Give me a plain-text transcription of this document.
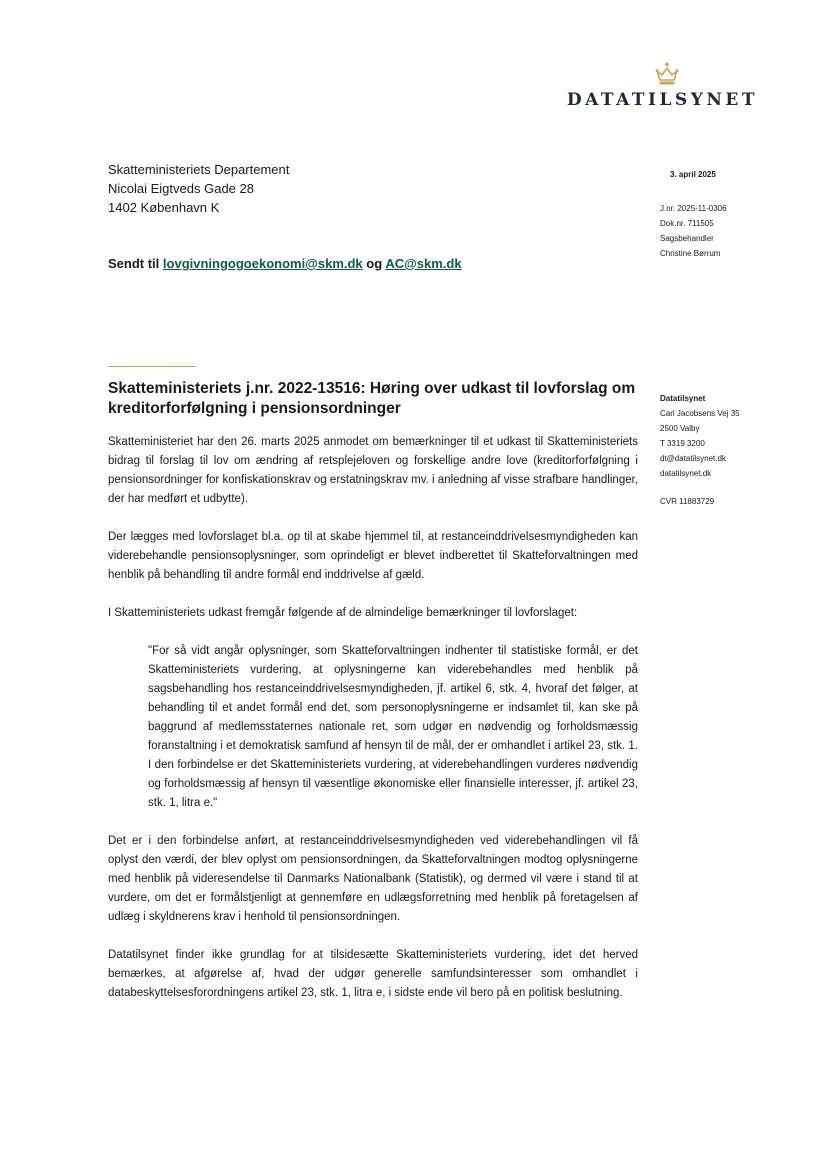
DATATILSYNET
Skatteministeriets Departement
Nicolai Eigtveds Gade 28
1402 København K
3. april 2025
J.nr. 2025-11-0306
Dok.nr. 711505
Sagsbehandler
Christine Børrum
Sendt til lovgivningogoekonomi@skm.dk og AC@skm.dk
Skatteministeriets j.nr. 2022-13516: Høring over udkast til lovforslag om kreditorforfølgning i pensionsordninger
Datatilsynet
Carl Jacobsens Vej 35
2500 Valby
T 3319 3200
dt@datatilsynet.dk
datatilsynet.dk
CVR 11883729

Skatteministeriet har den 26. marts 2025 anmodet om bemærkninger til et udkast til Skatteministeriets bidrag til forslag til lov om ændring af retsplejeloven og forskellige andre love (kreditorforfølgning i pensionsordninger for konfiskationskrav og erstatningskrav mv. i anledning af visse strafbare handlinger, der har medført et udbytte).

Der lægges med lovforslaget bl.a. op til at skabe hjemmel til, at restanceinddrivelsesmyndigheden kan viderebehandle pensionsoplysninger, som oprindeligt er blevet indberettet til Skatteforvaltningen med henblik på behandling til andre formål end inddrivelse af gæld.

I Skatteministeriets udkast fremgår følgende af de almindelige bemærkninger til lovforslaget:

"For så vidt angår oplysninger, som Skatteforvaltningen indhenter til statistiske formål, er det Skatteministeriets vurdering, at oplysningerne kan viderebehandles med henblik på sagsbehandling hos restanceinddrivelsesmyndigheden, jf. artikel 6, stk. 4, hvoraf det følger, at behandling til et andet formål end det, som personoplysningerne er indsamlet til, kan ske på baggrund af medlemsstaternes nationale ret, som udgør en nødvendig og forholdsmæssig foranstaltning i et demokratisk samfund af hensyn til de mål, der er omhandlet i artikel 23, stk. 1. I den forbindelse er det Skatteministeriets vurdering, at viderebehandlingen vurderes nødvendig og forholdsmæssig af hensyn til væsentlige økonomiske eller finansielle interesser, jf. artikel 23, stk. 1, litra e."

Det er i den forbindelse anført, at restanceinddrivelsesmyndigheden ved viderebehandlingen vil få oplyst den værdi, der blev oplyst om pensionsordningen, da Skatteforvaltningen modtog oplysningerne med henblik på videresendelse til Danmarks Nationalbank (Statistik), og dermed vil være i stand til at vurdere, om det er formålstjenligt at gennemføre en udlægsforretning med henblik på foretagelsen af udlæg i skyldnerens krav i henhold til pensionsordningen.

Datatilsynet finder ikke grundlag for at tilsidesætte Skatteministeriets vurdering, idet det herved bemærkes, at afgørelse af, hvad der udgør generelle samfundsinteresser som omhandlet i databeskyttelsesforordningens artikel 23, stk. 1, litra e, i sidste ende vil bero på en politisk beslutning.
